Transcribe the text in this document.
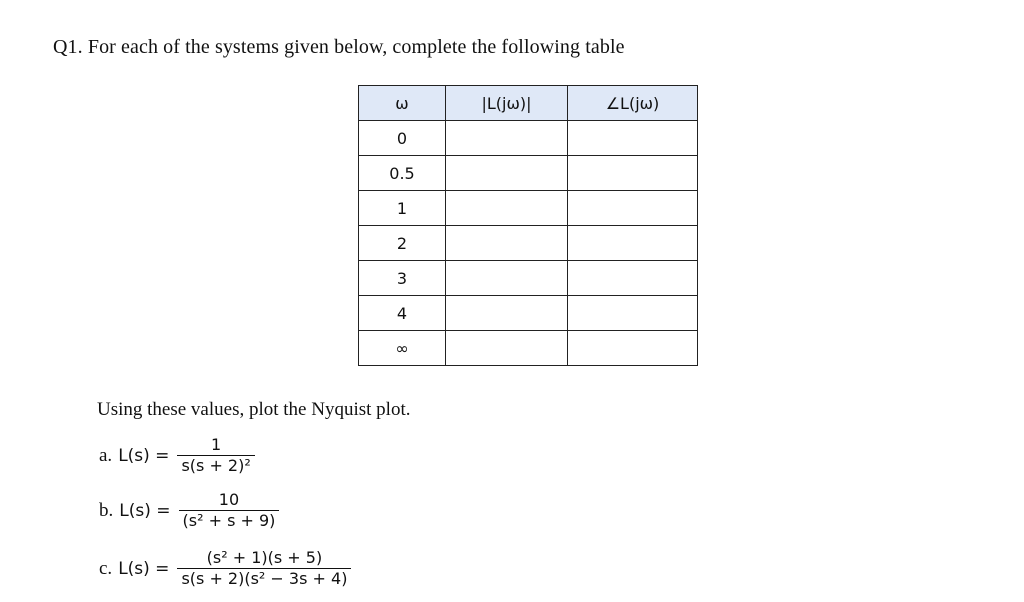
Q1. For each of the systems given below, complete the following table
ω	|L(jω)|	∠L(jω)
0		
0.5		
1		
2		
3		
4		
∞		
Using these values, plot the Nyquist plot.
a. $L(s) = \frac{1}{\text{s(s + 2)²}}$
b. $L(s) = \frac{10}{\text{(s² + s + 9)}}$
c. $L(s) = \frac{\text{(s² + 1)(s + 5)}}{\text{s(s + 2)(s² − 3s + 4)}}$
